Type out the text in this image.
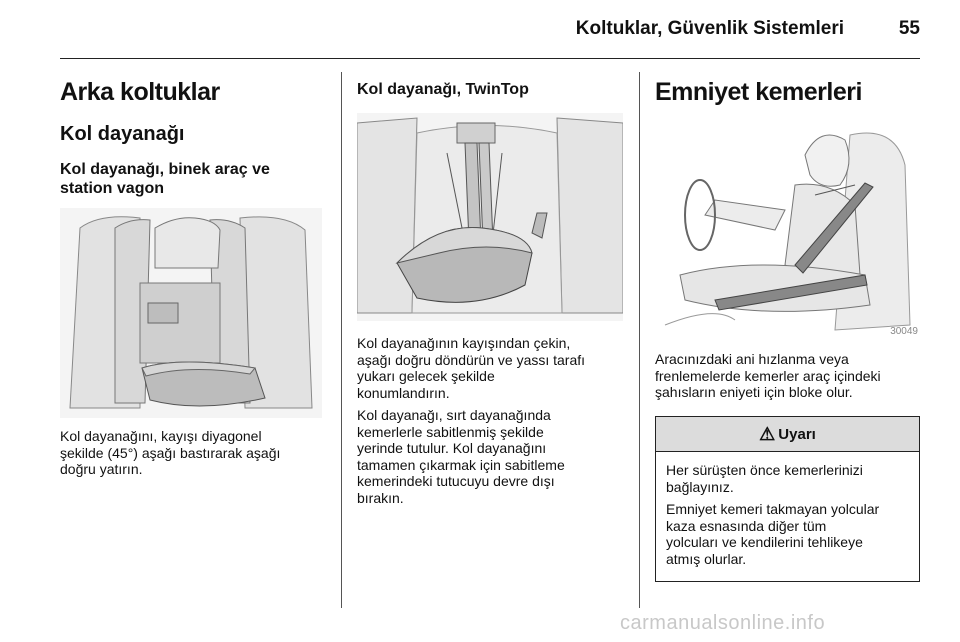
Koltuklar, Güvenlik Sistemleri	55
Arka koltuklar
Kol dayanağı
Kol dayanağı, binek araç ve
station vagon

Kol dayanağını, kayışı diyagonel

şekilde (45°) aşağı bastırarak aşağı

doğru yatırın.

Kol dayanağı, TwinTop

Kol dayanağının kayışından çekin,

aşağı doğru döndürün ve yassı tarafı

yukarı gelecek şekilde

konumlandırın.

Kol dayanağı, sırt dayanağında

kemerlerle sabitlenmiş şekilde

yerinde tutulur. Kol dayanağını

tamamen çıkarmak için sabitleme

kemerindeki tutucuyu devre dışı

bırakın.

Emniyet kemerleri
30049

Aracınızdaki ani hızlanma veya

frenlemelerde kemerler araç içindeki

şahısların eniyeti için bloke olur.

⚠ Uyarı

Her sürüşten önce kemerlerinizi

bağlayınız.

Emniyet kemeri takmayan yolcular

kaza esnasında diğer tüm

yolcuları ve kendilerini tehlikeye

atmış olurlar.

carmanualsonline.info
